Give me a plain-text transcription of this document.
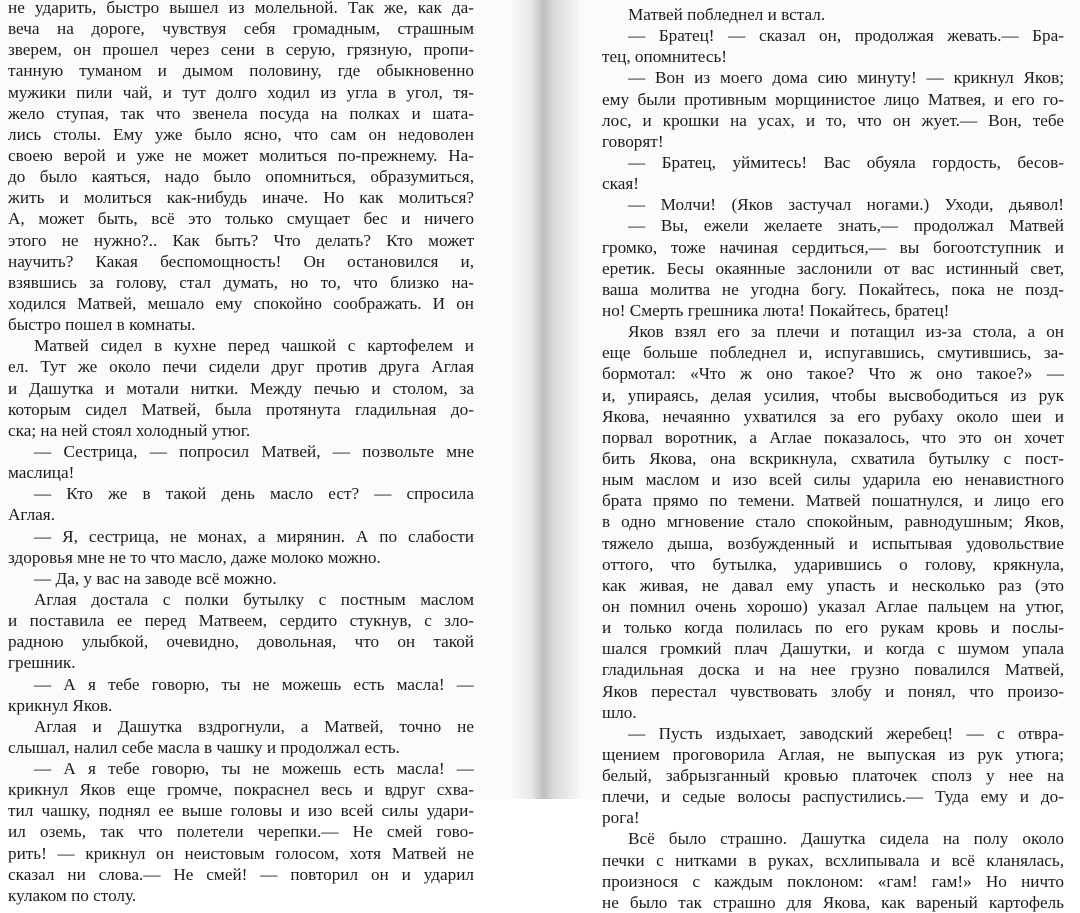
не ударить, быстро вышел из молельной. Так же, как да-
веча на дороге, чувствуя себя громадным, страшным
зверем, он прошел через сени в серую, грязную, пропи-
танную туманом и дымом половину, где обыкновенно
мужики пили чай, и тут долго ходил из угла в угол, тя-
жело ступая, так что звенела посуда на полках и шата-
лись столы. Ему уже было ясно, что сам он недоволен
своею верой и уже не может молиться по-прежнему. На-
до было каяться, надо было опомниться, образумиться,
жить и молиться как-нибудь иначе. Но как молиться?
А, может быть, всё это только смущает бес и ничего
этого не нужно?.. Как быть? Что делать? Кто может
научить? Какая беспомощность! Он остановился и,
взявшись за голову, стал думать, но то, что близко на-
ходился Матвей, мешало ему спокойно соображать. И он
быстро пошел в комнаты.
Матвей сидел в кухне перед чашкой с картофелем и
ел. Тут же около печи сидели друг против друга Аглая
и Дашутка и мотали нитки. Между печью и столом, за
которым сидел Матвей, была протянута гладильная до-
ска; на ней стоял холодный утюг.
— Сестрица, — попросил Матвей, — позвольте мне
маслица!
— Кто же в такой день масло ест? — спросила
Аглая.
— Я, сестрица, не монах, а мирянин. А по слабости
здоровья мне не то что масло, даже молоко можно.
— Да, у вас на заводе всё можно.
Аглая достала с полки бутылку с постным маслом
и поставила ее перед Матвеем, сердито стукнув, с зло-
радною улыбкой, очевидно, довольная, что он такой
грешник.
— А я тебе говорю, ты не можешь есть масла! —
крикнул Яков.
Аглая и Дашутка вздрогнули, а Матвей, точно не
слышал, налил себе масла в чашку и продолжал есть.
— А я тебе говорю, ты не можешь есть масла! —
крикнул Яков еще громче, покраснел весь и вдруг схва-
тил чашку, поднял ее выше головы и изо всей силы удари-
ил оземь, так что полетели черепки.— Не смей гово-
рить! — крикнул он неистовым голосом, хотя Матвей не
сказал ни слова.— Не смей! — повторил он и ударил
кулаком по столу.
Матвей побледнел и встал.
— Братец! — сказал он, продолжая жевать.— Бра-
тец, опомнитесь!
— Вон из моего дома сию минуту! — крикнул Яков;
ему были противным морщинистое лицо Матвея, и его го-
лос, и крошки на усах, и то, что он жует.— Вон, тебе
говорят!
— Братец, уймитесь! Вас обуяла гордость, бесов-
ская!
— Молчи! (Яков застучал ногами.) Уходи, дьявол!
— Вы, ежели желаете знать,— продолжал Матвей
громко, тоже начиная сердиться,— вы богоотступник и
еретик. Бесы окаянные заслонили от вас истинный свет,
ваша молитва не угодна богу. Покайтесь, пока не позд-
но! Смерть грешника люта! Покайтесь, братец!
Яков взял его за плечи и потащил из-за стола, а он
еще больше побледнел и, испугавшись, смутившись, за-
бормотал: «Что ж оно такое? Что ж оно такое?» —
и, упираясь, делая усилия, чтобы высвободиться из рук
Якова, нечаянно ухватился за его рубаху около шеи и
порвал воротник, а Аглае показалось, что это он хочет
бить Якова, она вскрикнула, схватила бутылку с пост-
ным маслом и изо всей силы ударила ею ненавистного
брата прямо по темени. Матвей пошатнулся, и лицо его
в одно мгновение стало спокойным, равнодушным; Яков,
тяжело дыша, возбужденный и испытывая удовольствие
оттого, что бутылка, ударившись о голову, крякнула,
как живая, не давал ему упасть и несколько раз (это
он помнил очень хорошо) указал Аглае пальцем на утюг,
и только когда полилась по его рукам кровь и послы-
шался громкий плач Дашутки, и когда с шумом упала
гладильная доска и на нее грузно повалился Матвей,
Яков перестал чувствовать злобу и понял, что произо-
шло.
— Пусть издыхает, заводский жеребец! — с отвра-
щением проговорила Аглая, не выпуская из рук утюга;
белый, забрызганный кровью платочек сполз у нее на
плечи, и седые волосы распустились.— Туда ему и до-
рога!
Всё было страшно. Дашутка сидела на полу около
печки с нитками в руках, всхлипывала и всё кланялась,
произнося с каждым поклоном: «гам! гам!» Но ничто
не было так страшно для Якова, как вареный картофель
